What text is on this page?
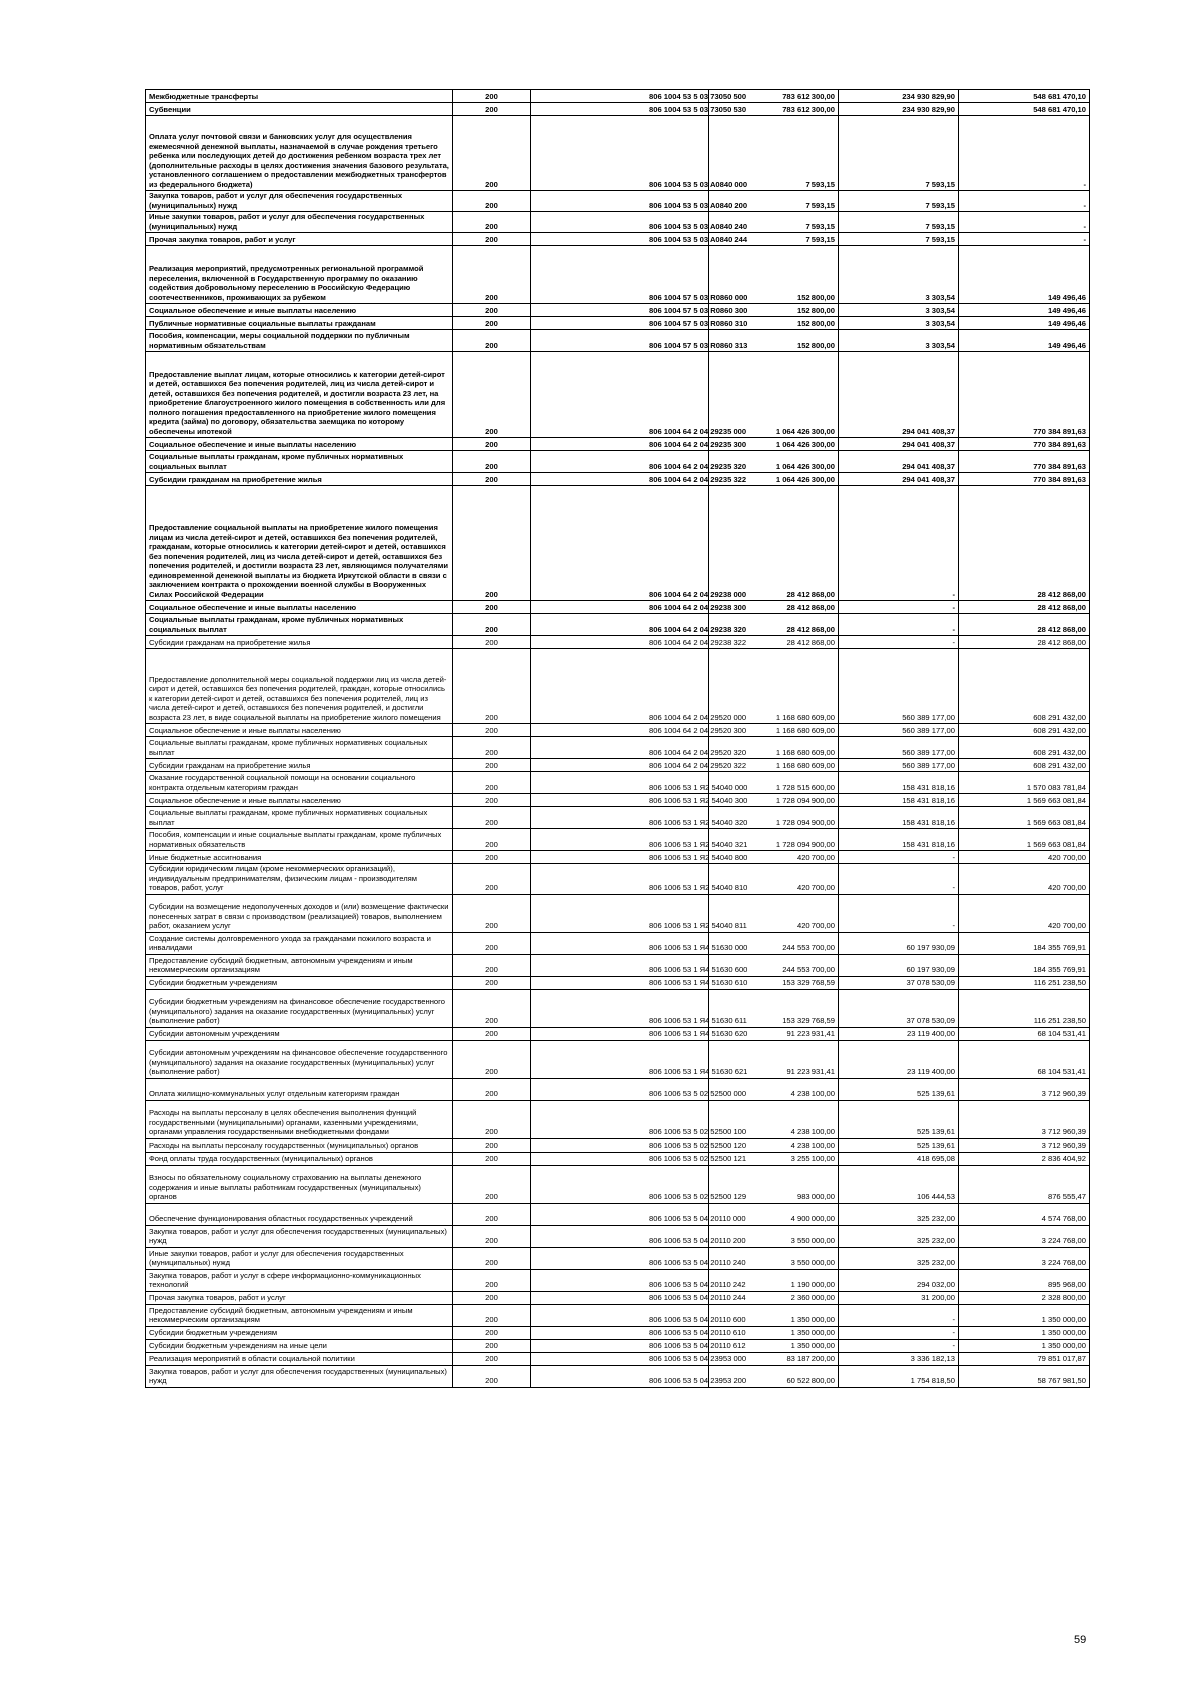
Межбюджетные трансферты	200	806 1004 53 5 03 73050 500	783 612 300,00	234 930 829,90	548 681 470,10
Субвенции	200	806 1004 53 5 03 73050 530	783 612 300,00	234 930 829,90	548 681 470,10
Оплата услуг почтовой связи и банковских услуг для осуществления ежемесячной денежной выплаты, назначаемой в случае рождения третьего ребенка или последующих детей до достижения ребенком возраста трех лет (дополнительные расходы в целях достижения значения базового результата, установленного соглашением о предоставлении межбюджетных трансфертов из федерального бюджета)	200	806 1004 53 5 03 A0840 000	7 593,15	7 593,15	-
Закупка товаров, работ и услуг для обеспечения государственных (муниципальных) нужд	200	806 1004 53 5 03 A0840 200	7 593,15	7 593,15	-
Иные закупки товаров, работ и услуг для обеспечения государственных (муниципальных) нужд	200	806 1004 53 5 03 A0840 240	7 593,15	7 593,15	-
Прочая закупка товаров, работ и услуг	200	806 1004 53 5 03 A0840 244	7 593,15	7 593,15	-
Реализация мероприятий, предусмотренных региональной программой переселения, включенной в Государственную программу по оказанию содействия добровольному переселению в Российскую Федерацию соотечественников, проживающих за рубежом	200	806 1004 57 5 03 R0860 000	152 800,00	3 303,54	149 496,46
Социальное обеспечение и иные выплаты населению	200	806 1004 57 5 03 R0860 300	152 800,00	3 303,54	149 496,46
Публичные нормативные социальные выплаты гражданам	200	806 1004 57 5 03 R0860 310	152 800,00	3 303,54	149 496,46
Пособия, компенсации, меры социальной поддержки по публичным нормативным обязательствам	200	806 1004 57 5 03 R0860 313	152 800,00	3 303,54	149 496,46
Предоставление выплат лицам, которые относились к категории детей-сирот и детей, оставшихся без попечения родителей, лиц из числа детей-сирот и детей, оставшихся без попечения родителей, и достигли возраста 23 лет, на приобретение благоустроенного жилого помещения в собственность или для полного погашения предоставленного на приобретение жилого помещения кредита (займа) по договору, обязательства заемщика по которому обеспечены ипотекой	200	806 1004 64 2 04 29235 000	1 064 426 300,00	294 041 408,37	770 384 891,63
Социальное обеспечение и иные выплаты населению	200	806 1004 64 2 04 29235 300	1 064 426 300,00	294 041 408,37	770 384 891,63
Социальные выплаты гражданам, кроме публичных нормативных социальных выплат	200	806 1004 64 2 04 29235 320	1 064 426 300,00	294 041 408,37	770 384 891,63
Субсидии гражданам на приобретение жилья	200	806 1004 64 2 04 29235 322	1 064 426 300,00	294 041 408,37	770 384 891,63
Предоставление социальной выплаты на приобретение жилого помещения лицам из числа детей-сирот и детей, оставшихся без попечения родителей, гражданам, которые относились к категории детей-сирот и детей, оставшихся без попечения родителей, лиц из числа детей-сирот и детей, оставшихся без попечения родителей, и достигли возраста 23 лет, являющимся получателями единовременной денежной выплаты из бюджета Иркутской области в связи с заключением контракта о прохождении военной службы в Вооруженных Силах Российской Федерации	200	806 1004 64 2 04 29238 000	28 412 868,00	-	28 412 868,00
Социальное обеспечение и иные выплаты населению	200	806 1004 64 2 04 29238 300	28 412 868,00	-	28 412 868,00
Социальные выплаты гражданам, кроме публичных нормативных социальных выплат	200	806 1004 64 2 04 29238 320	28 412 868,00	-	28 412 868,00
Субсидии гражданам на приобретение жилья	200	806 1004 64 2 04 29238 322	28 412 868,00	-	28 412 868,00
Предоставление дополнительной меры социальной поддержки лиц из числа детей-сирот и детей, оставшихся без попечения родителей, граждан, которые относились к категории детей-сирот и детей, оставшихся без попечения родителей, лиц из числа детей-сирот и детей, оставшихся без попечения родителей, и достигли возраста 23 лет, в виде социальной выплаты на приобретение жилого помещения	200	806 1004 64 2 04 29520 000	1 168 680 609,00	560 389 177,00	608 291 432,00
Социальное обеспечение и иные выплаты населению	200	806 1004 64 2 04 29520 300	1 168 680 609,00	560 389 177,00	608 291 432,00
Социальные выплаты гражданам, кроме публичных нормативных социальных выплат	200	806 1004 64 2 04 29520 320	1 168 680 609,00	560 389 177,00	608 291 432,00
Субсидии гражданам на приобретение жилья	200	806 1004 64 2 04 29520 322	1 168 680 609,00	560 389 177,00	608 291 432,00
Оказание государственной социальной помощи на основании социального контракта отдельным категориям граждан	200	806 1006 53 1 Я2 54040 000	1 728 515 600,00	158 431 818,16	1 570 083 781,84
Социальное обеспечение и иные выплаты населению	200	806 1006 53 1 Я2 54040 300	1 728 094 900,00	158 431 818,16	1 569 663 081,84
Социальные выплаты гражданам, кроме публичных нормативных социальных выплат	200	806 1006 53 1 Я2 54040 320	1 728 094 900,00	158 431 818,16	1 569 663 081,84
Пособия, компенсации и иные социальные выплаты гражданам, кроме публичных нормативных обязательств	200	806 1006 53 1 Я2 54040 321	1 728 094 900,00	158 431 818,16	1 569 663 081,84
Иные бюджетные ассигнования	200	806 1006 53 1 Я2 54040 800	420 700,00	-	420 700,00
Субсидии юридическим лицам (кроме некоммерческих организаций), индивидуальным предпринимателям, физическим лицам - производителям товаров, работ, услуг	200	806 1006 53 1 Я2 54040 810	420 700,00	-	420 700,00
Субсидии на возмещение недополученных доходов и (или) возмещение фактически понесенных затрат в связи с производством (реализацией) товаров, выполнением работ, оказанием услуг	200	806 1006 53 1 Я2 54040 811	420 700,00	-	420 700,00
Создание системы долговременного ухода за гражданами пожилого возраста и инвалидами	200	806 1006 53 1 Я4 51630 000	244 553 700,00	60 197 930,09	184 355 769,91
Предоставление субсидий бюджетным, автономным учреждениям и иным некоммерческим организациям	200	806 1006 53 1 Я4 51630 600	244 553 700,00	60 197 930,09	184 355 769,91
Субсидии бюджетным учреждениям	200	806 1006 53 1 Я4 51630 610	153 329 768,59	37 078 530,09	116 251 238,50
Субсидии бюджетным учреждениям на финансовое обеспечение государственного (муниципального) задания на оказание государственных (муниципальных) услуг (выполнение работ)	200	806 1006 53 1 Я4 51630 611	153 329 768,59	37 078 530,09	116 251 238,50
Субсидии автономным учреждениям	200	806 1006 53 1 Я4 51630 620	91 223 931,41	23 119 400,00	68 104 531,41
Субсидии автономным учреждениям на финансовое обеспечение государственного (муниципального) задания на оказание государственных (муниципальных) услуг (выполнение работ)	200	806 1006 53 1 Я4 51630 621	91 223 931,41	23 119 400,00	68 104 531,41
Оплата жилищно-коммунальных услуг отдельным категориям граждан	200	806 1006 53 5 02 52500 000	4 238 100,00	525 139,61	3 712 960,39
Расходы на выплаты персоналу в целях обеспечения выполнения функций государственными (муниципальными) органами, казенными учреждениями, органами управления государственными внебюджетными фондами	200	806 1006 53 5 02 52500 100	4 238 100,00	525 139,61	3 712 960,39
Расходы на выплаты персоналу государственных (муниципальных) органов	200	806 1006 53 5 02 52500 120	4 238 100,00	525 139,61	3 712 960,39
Фонд оплаты труда государственных (муниципальных) органов	200	806 1006 53 5 02 52500 121	3 255 100,00	418 695,08	2 836 404,92
Взносы по обязательному социальному страхованию на выплаты денежного содержания и иные выплаты работникам государственных (муниципальных) органов	200	806 1006 53 5 02 52500 129	983 000,00	106 444,53	876 555,47
Обеспечение функционирования областных государственных учреждений	200	806 1006 53 5 04 20110 000	4 900 000,00	325 232,00	4 574 768,00
Закупка товаров, работ и услуг для обеспечения государственных (муниципальных) нужд	200	806 1006 53 5 04 20110 200	3 550 000,00	325 232,00	3 224 768,00
Иные закупки товаров, работ и услуг для обеспечения государственных (муниципальных) нужд	200	806 1006 53 5 04 20110 240	3 550 000,00	325 232,00	3 224 768,00
Закупка товаров, работ и услуг в сфере информационно-коммуникационных технологий	200	806 1006 53 5 04 20110 242	1 190 000,00	294 032,00	895 968,00
Прочая закупка товаров, работ и услуг	200	806 1006 53 5 04 20110 244	2 360 000,00	31 200,00	2 328 800,00
Предоставление субсидий бюджетным, автономным учреждениям и иным некоммерческим организациям	200	806 1006 53 5 04 20110 600	1 350 000,00	-	1 350 000,00
Субсидии бюджетным учреждениям	200	806 1006 53 5 04 20110 610	1 350 000,00	-	1 350 000,00
Субсидии бюджетным учреждениям на иные цели	200	806 1006 53 5 04 20110 612	1 350 000,00	-	1 350 000,00
Реализация мероприятий в области социальной политики	200	806 1006 53 5 04 23953 000	83 187 200,00	3 336 182,13	79 851 017,87
Закупка товаров, работ и услуг для обеспечения государственных (муниципальных) нужд	200	806 1006 53 5 04 23953 200	60 522 800,00	1 754 818,50	58 767 981,50
59
